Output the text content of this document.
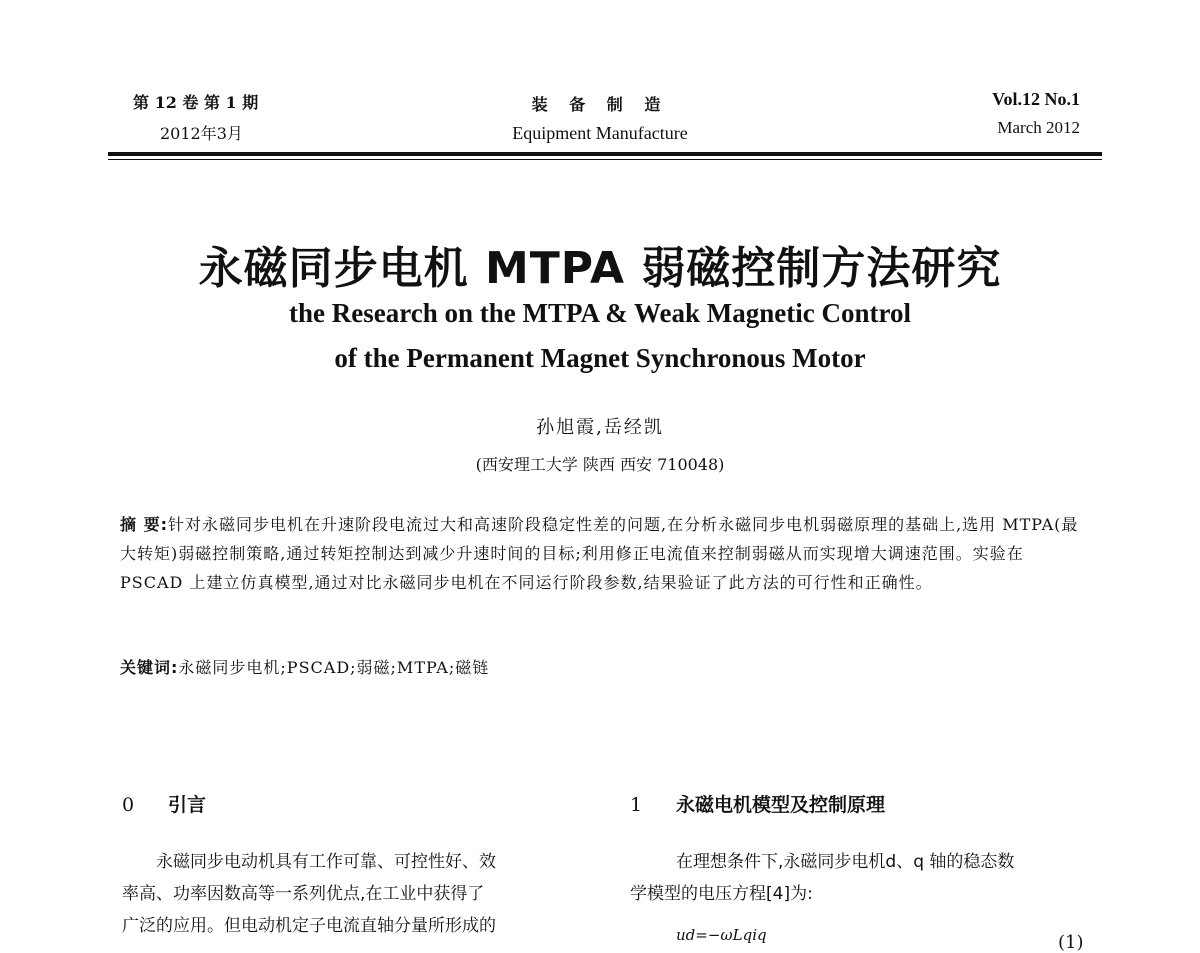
第 12 卷 第 1 期
2012年3月
装 备 制 造
Equipment Manufacture
Vol.12 No.1
March 2012
永磁同步电机 MTPA 弱磁控制方法研究
the Research on the MTPA & Weak Magnetic Control
of the Permanent Magnet Synchronous Motor
孙旭霞,岳经凯
(西安理工大学 陕西 西安 710048)
摘 要:针对永磁同步电机在升速阶段电流过大和高速阶段稳定性差的问题,在分析永磁同步电机弱磁原理的基础上,选用 MTPA(最大转矩)弱磁控制策略,通过转矩控制达到减少升速时间的目标;利用修正电流值来控制弱磁从而实现增大调速范围。实验在 PSCAD 上建立仿真模型,通过对比永磁同步电机在不同运行阶段参数,结果验证了此方法的可行性和正确性。
关键词:永磁同步电机;PSCAD;弱磁;MTPA;磁链
0 引言
永磁同步电动机具有工作可靠、可控性好、效
率高、功率因数高等一系列优点,在工业中获得了
广泛的应用。但电动机定子电流直轴分量所形成的
1 永磁电机模型及控制原理
在理想条件下,永磁同步电机d、q 轴的稳态数
学模型的电压方程[4]为:
ud=−ωLqiq	(1)
